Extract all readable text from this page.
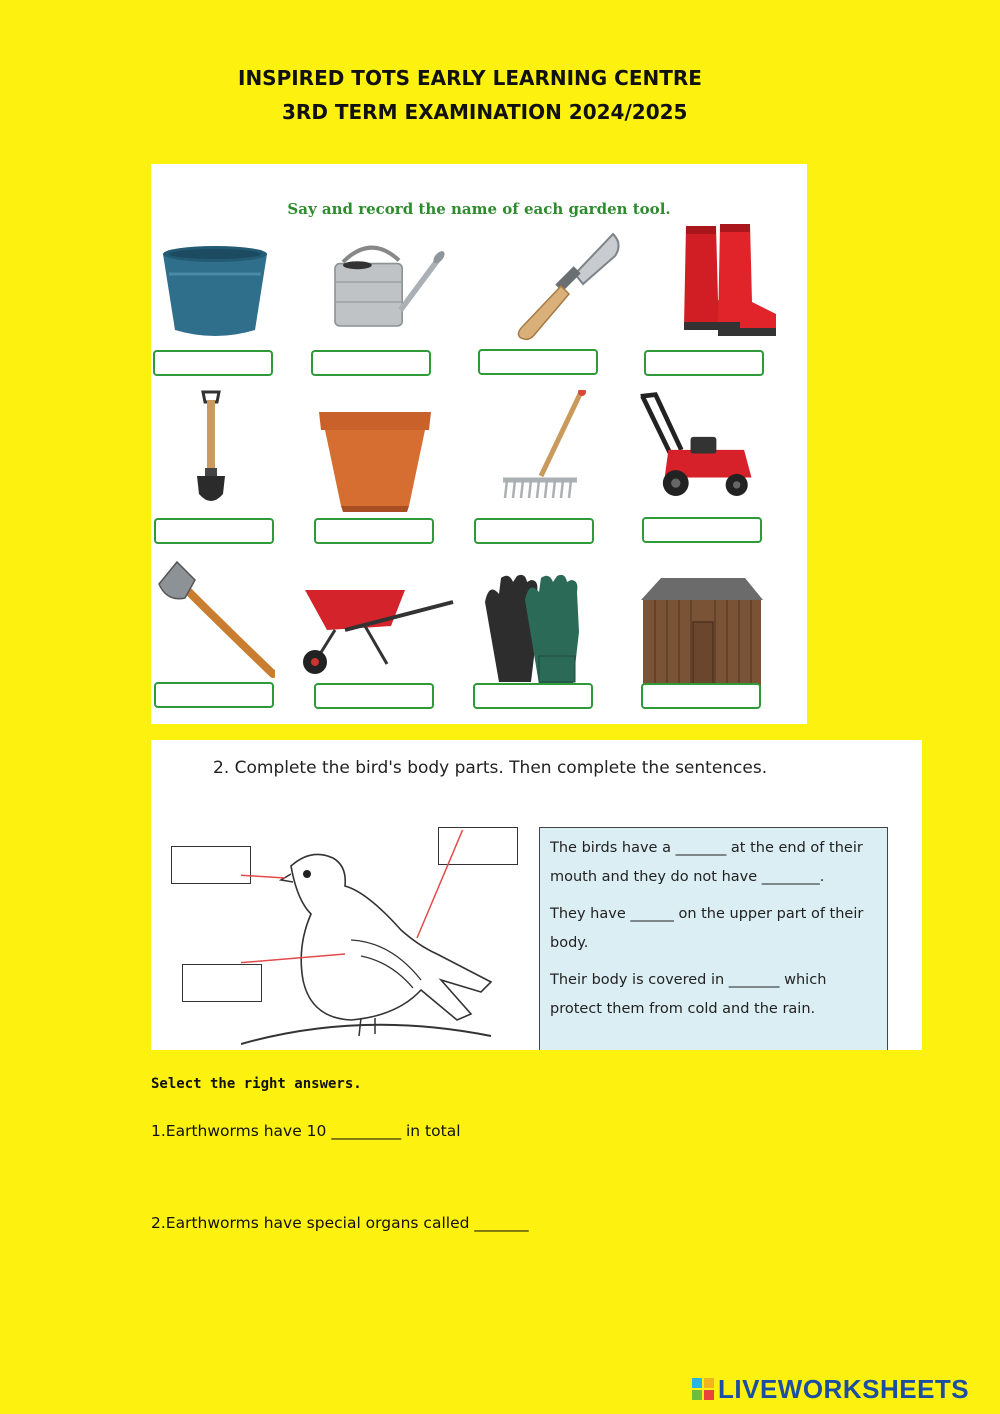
INSPIRED TOTS EARLY LEARNING CENTRE
3RD TERM EXAMINATION 2024/2025
Say and record the name of each garden tool.
2. Complete the bird's body parts. Then complete the sentences.

The birds have a _______ at the end of their mouth and they do not have ________.

They have ______ on the upper part of their body.

Their body is covered in _______ which protect them from cold and the rain.

Select the right answers.
1.Earthworms have 10 _________ in total
2.Earthworms have special organs called _______
LIVEWORKSHEETS
